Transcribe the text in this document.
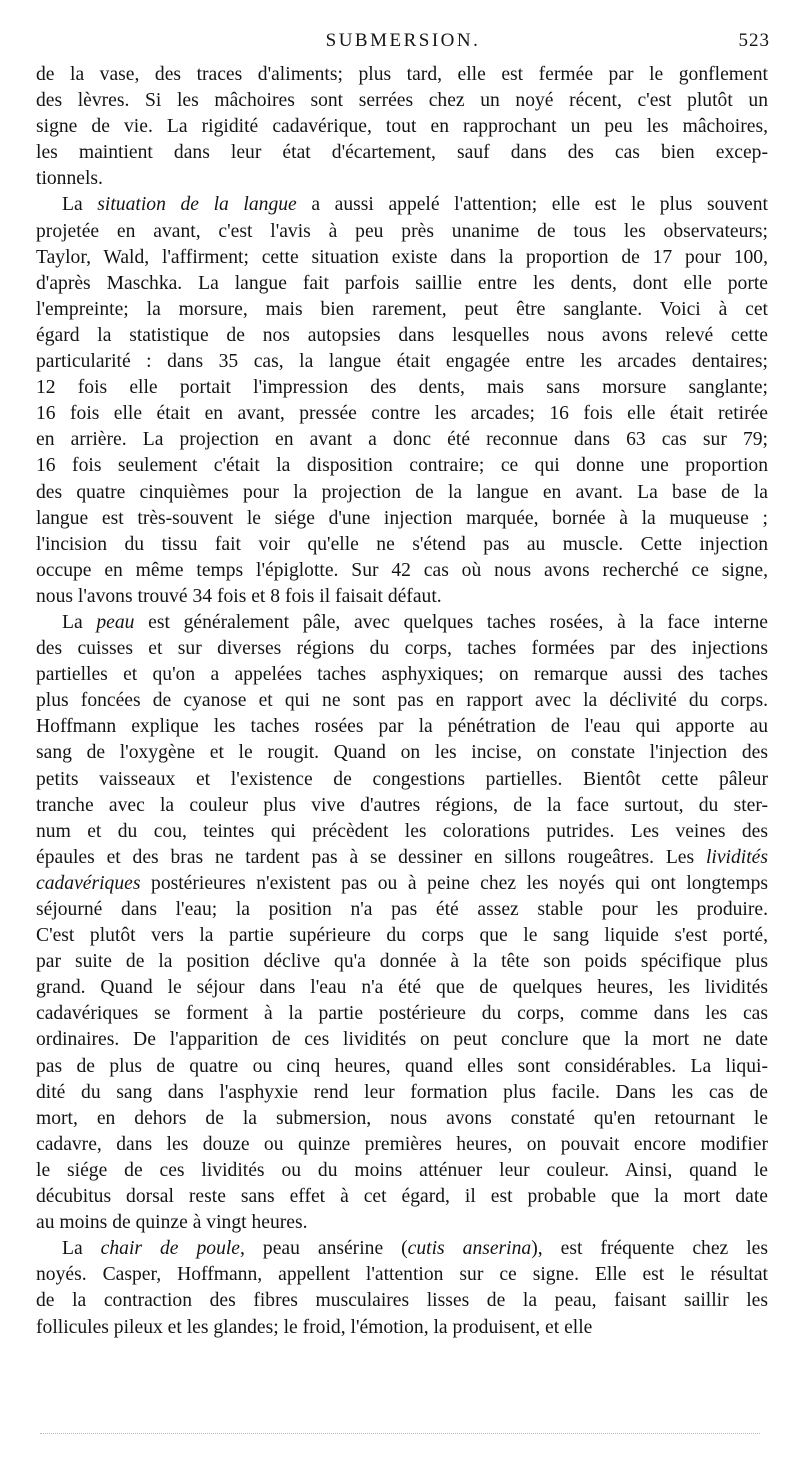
SUBMERSION.	523
de la vase, des traces d'aliments; plus tard, elle est fermée par le gonflement
des lèvres. Si les mâchoires sont serrées chez un noyé récent, c'est plutôt un
signe de vie. La rigidité cadavérique, tout en rapprochant un peu les mâchoires,
les maintient dans leur état d'écartement, sauf dans des cas bien excep-
tionnels.
La situation de la langue a aussi appelé l'attention; elle est le plus souvent
projetée en avant, c'est l'avis à peu près unanime de tous les observateurs;
Taylor, Wald, l'affirment; cette situation existe dans la proportion de 17 pour 100,
d'après Maschka. La langue fait parfois saillie entre les dents, dont elle porte
l'empreinte; la morsure, mais bien rarement, peut être sanglante. Voici à cet
égard la statistique de nos autopsies dans lesquelles nous avons relevé cette
particularité : dans 35 cas, la langue était engagée entre les arcades dentaires;
12 fois elle portait l'impression des dents, mais sans morsure sanglante;
16 fois elle était en avant, pressée contre les arcades; 16 fois elle était retirée
en arrière. La projection en avant a donc été reconnue dans 63 cas sur 79;
16 fois seulement c'était la disposition contraire; ce qui donne une proportion
des quatre cinquièmes pour la projection de la langue en avant. La base de la
langue est très-souvent le siége d'une injection marquée, bornée à la muqueuse ;
l'incision du tissu fait voir qu'elle ne s'étend pas au muscle. Cette injection
occupe en même temps l'épiglotte. Sur 42 cas où nous avons recherché ce signe,
nous l'avons trouvé 34 fois et 8 fois il faisait défaut.
La peau est généralement pâle, avec quelques taches rosées, à la face interne
des cuisses et sur diverses régions du corps, taches formées par des injections
partielles et qu'on a appelées taches asphyxiques; on remarque aussi des taches
plus foncées de cyanose et qui ne sont pas en rapport avec la déclivité du corps.
Hoffmann explique les taches rosées par la pénétration de l'eau qui apporte au
sang de l'oxygène et le rougit. Quand on les incise, on constate l'injection des
petits vaisseaux et l'existence de congestions partielles. Bientôt cette pâleur
tranche avec la couleur plus vive d'autres régions, de la face surtout, du ster-
num et du cou, teintes qui précèdent les colorations putrides. Les veines des
épaules et des bras ne tardent pas à se dessiner en sillons rougeâtres. Les lividités
cadavériques postérieures n'existent pas ou à peine chez les noyés qui ont longtemps
séjourné dans l'eau; la position n'a pas été assez stable pour les produire.
C'est plutôt vers la partie supérieure du corps que le sang liquide s'est porté,
par suite de la position déclive qu'a donnée à la tête son poids spécifique plus
grand. Quand le séjour dans l'eau n'a été que de quelques heures, les lividités
cadavériques se forment à la partie postérieure du corps, comme dans les cas
ordinaires. De l'apparition de ces lividités on peut conclure que la mort ne date
pas de plus de quatre ou cinq heures, quand elles sont considérables. La liqui-
dité du sang dans l'asphyxie rend leur formation plus facile. Dans les cas de
mort, en dehors de la submersion, nous avons constaté qu'en retournant le
cadavre, dans les douze ou quinze premières heures, on pouvait encore modifier
le siége de ces lividités ou du moins atténuer leur couleur. Ainsi, quand le
décubitus dorsal reste sans effet à cet égard, il est probable que la mort date
au moins de quinze à vingt heures.
La chair de poule, peau ansérine (cutis anserina), est fréquente chez les
noyés. Casper, Hoffmann, appellent l'attention sur ce signe. Elle est le résultat
de la contraction des fibres musculaires lisses de la peau, faisant saillir les
follicules pileux et les glandes; le froid, l'émotion, la produisent, et elle
